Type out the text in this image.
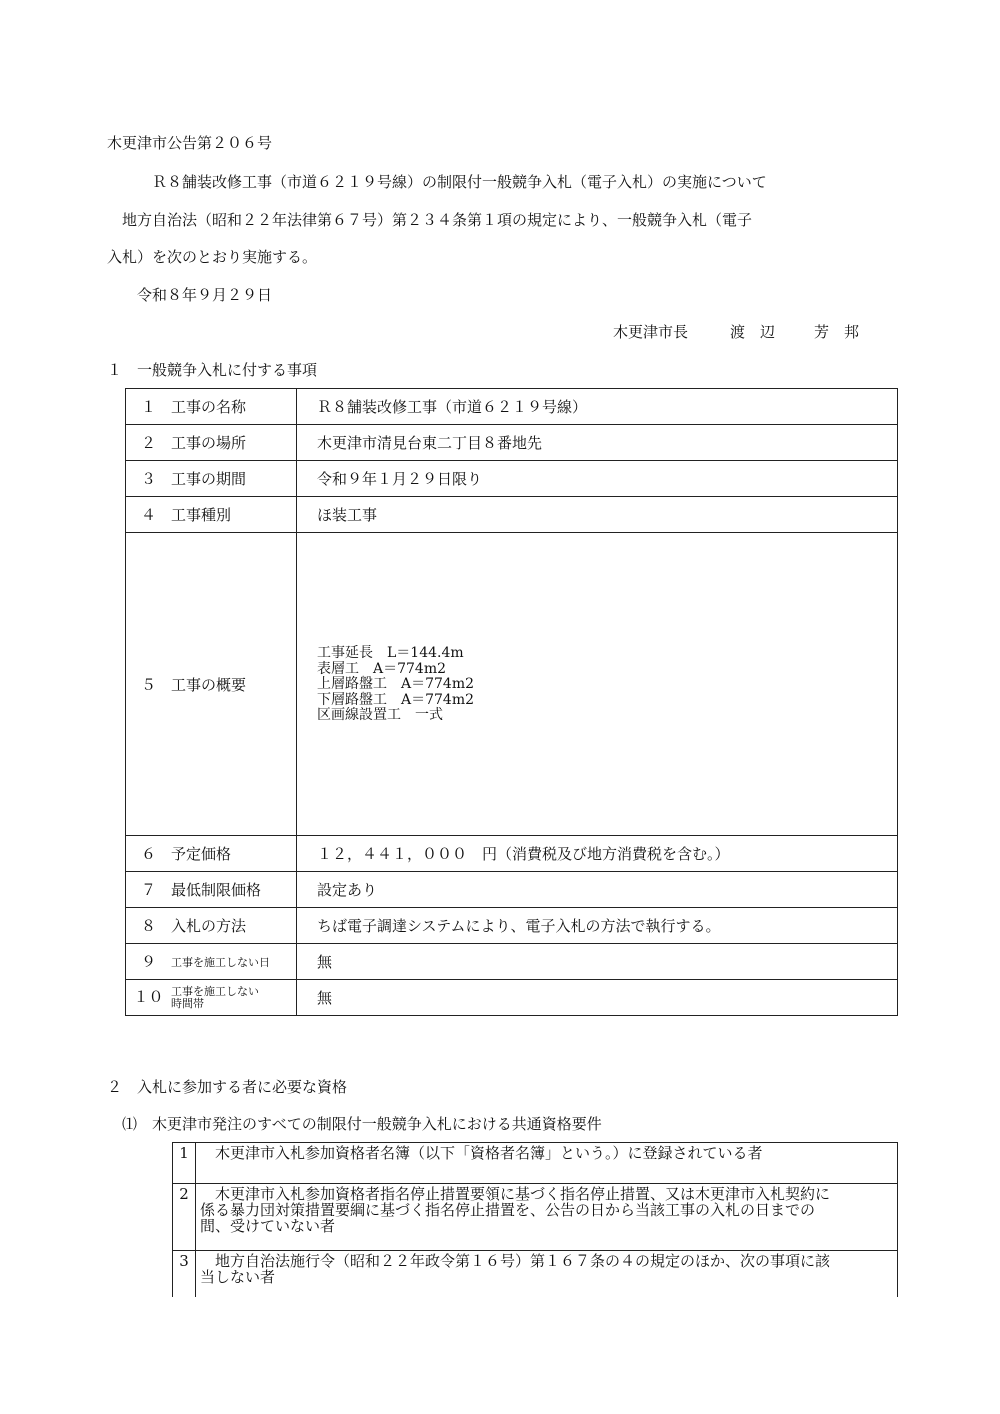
木更津市公告第２０６号
Ｒ８舗装改修工事（市道６２１９号線）の制限付一般競争入札（電子入札）の実施について
地方自治法（昭和２２年法律第６７号）第２３４条第１項の規定により、一般競争入札（電子
入札）を次のとおり実施する。
令和８年９月２９日
木更津市長	渡　辺	芳　邦
１　一般競争入札に付する事項
１ 工事の名称	Ｒ８舗装改修工事（市道６２１９号線）
２ 工事の場所	木更津市清見台東二丁目８番地先
３ 工事の期間	令和９年１月２９日限り
４ 工事種別	ほ装工事
５ 工事の概要	工事延長　L＝144.4m
表層工　A＝774m2
上層路盤工　A＝774m2
下層路盤工　A＝774m2
区画線設置工　一式

６ 予定価格	１２，４４１，０００　円（消費税及び地方消費税を含む。）
７ 最低制限価格	設定あり
８ 入札の方法	ちば電子調達システムにより、電子入札の方法で執行する。
９ 工事を施工しない日	無
１０ 工事を施工しない
時間帯	無
２　入札に参加する者に必要な資格
⑴　木更津市発注のすべての制限付一般競争入札における共通資格要件
1	　木更津市入札参加資格者名簿（以下「資格者名簿」という。）に登録されている者
2	　木更津市入札参加資格者指名停止措置要領に基づく指名停止措置、又は木更津市入札契約に
係る暴力団対策措置要綱に基づく指名停止措置を、公告の日から当該工事の入札の日までの
間、受けていない者

3	　地方自治法施行令（昭和２２年政令第１６号）第１６７条の４の規定のほか、次の事項に該
当しない者
